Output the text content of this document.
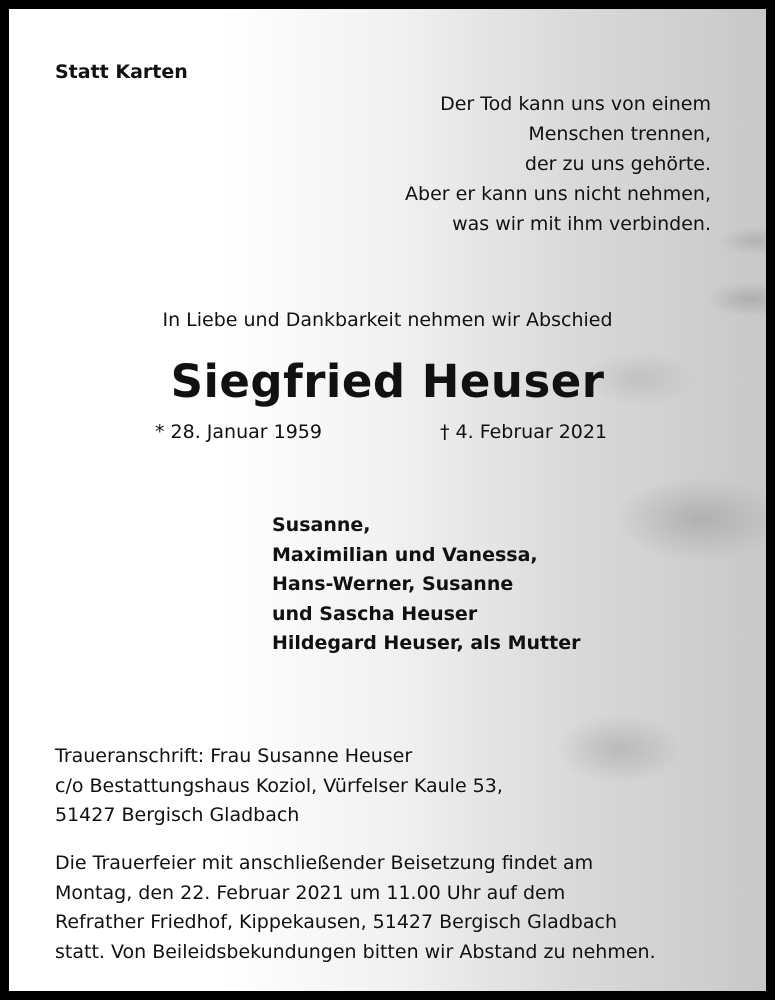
Statt Karten
Der Tod kann uns von einem
Menschen trennen,
der zu uns gehörte.
Aber er kann uns nicht nehmen,
was wir mit ihm verbinden.
In Liebe und Dankbarkeit nehmen wir Abschied
Siegfried Heuser
* 28. Januar 1959	† 4. Februar 2021
Susanne,
Maximilian und Vanessa,
Hans-Werner, Susanne
und Sascha Heuser
Hildegard Heuser, als Mutter
Traueranschrift: Frau Susanne Heuser
c/o Bestattungshaus Koziol, Vürfelser Kaule 53,
51427 Bergisch Gladbach
Die Trauerfeier mit anschließender Beisetzung findet am
Montag, den 22. Februar 2021 um 11.00 Uhr auf dem
Refrather Friedhof, Kippekausen, 51427 Bergisch Gladbach
statt. Von Beileidsbekundungen bitten wir Abstand zu nehmen.
